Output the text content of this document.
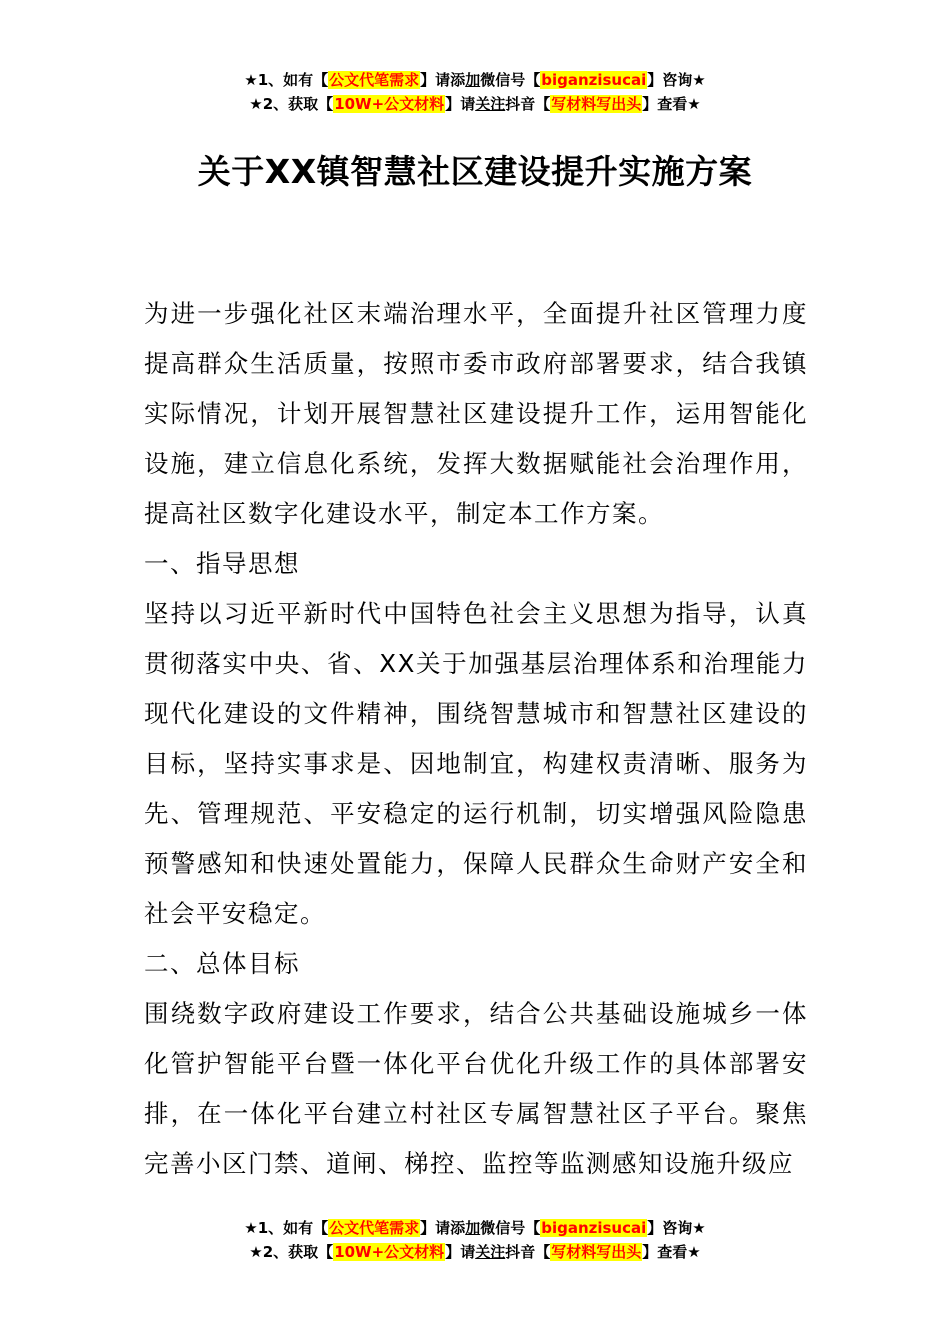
★1、如有【公文代笔需求】请添加微信号【biganzisucai】咨询★
★2、获取【10W+公文材料】请关注抖音【写材料写出头】查看★
关于XX镇智慧社区建设提升实施方案

为进一步强化社区末端治理水平，全面提升社区管理力度提高群众生活质量，按照市委市政府部署要求，结合我镇实际情况，计划开展智慧社区建设提升工作，运用智能化设施，建立信息化系统，发挥大数据赋能社会治理作用，提高社区数字化建设水平，制定本工作方案。

一、指导思想

坚持以习近平新时代中国特色社会主义思想为指导，认真贯彻落实中央、省、XX关于加强基层治理体系和治理能力现代化建设的文件精神，围绕智慧城市和智慧社区建设的目标，坚持实事求是、因地制宜，构建权责清晰、服务为先、管理规范、平安稳定的运行机制，切实增强风险隐患预警感知和快速处置能力，保障人民群众生命财产安全和社会平安稳定。

二、总体目标

围绕数字政府建设工作要求，结合公共基础设施城乡一体化管护智能平台暨一体化平台优化升级工作的具体部署安排，在一体化平台建立村社区专属智慧社区子平台。聚焦完善小区门禁、道闸、梯控、监控等监测感知设施升级应

★1、如有【公文代笔需求】请添加微信号【biganzisucai】咨询★
★2、获取【10W+公文材料】请关注抖音【写材料写出头】查看★
